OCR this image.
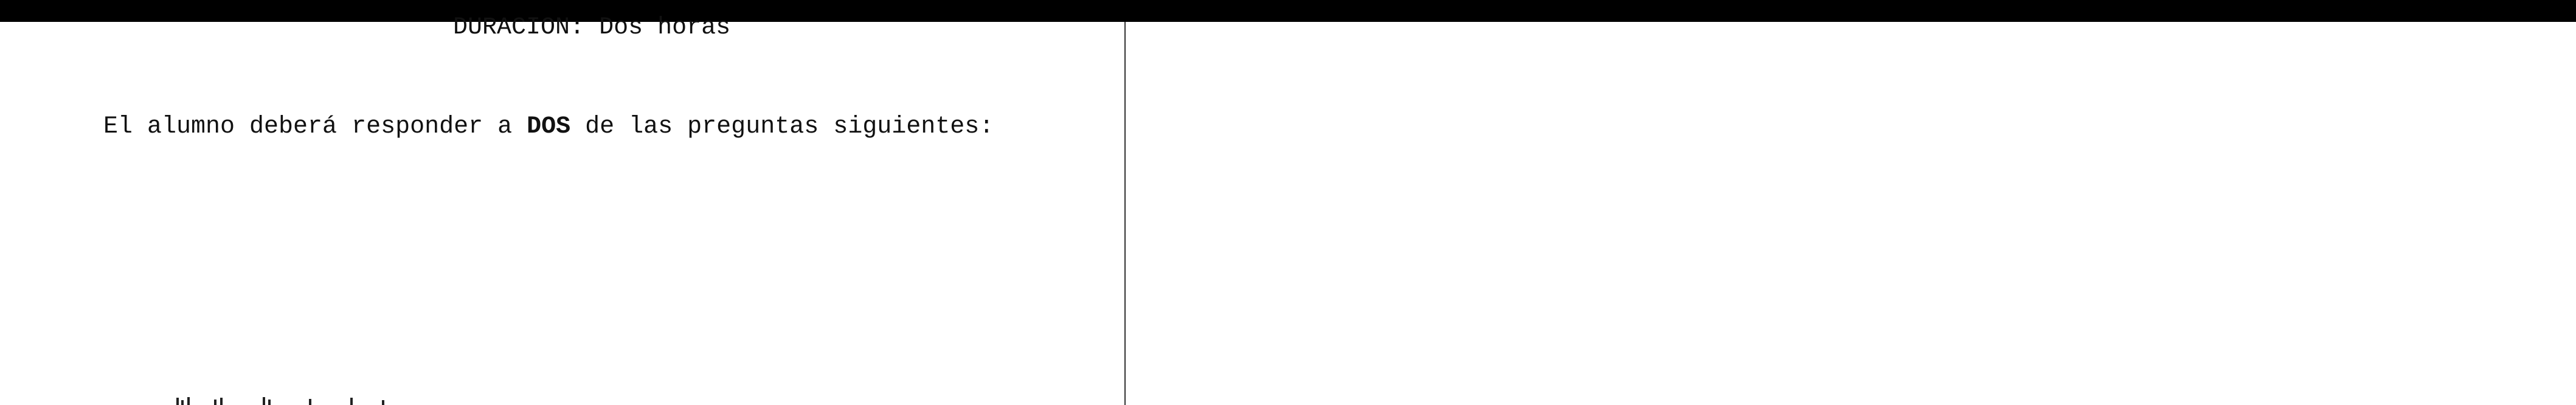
DURACION: Dos horas
El alumno deberá responder a DOS de las preguntas siguientes:
